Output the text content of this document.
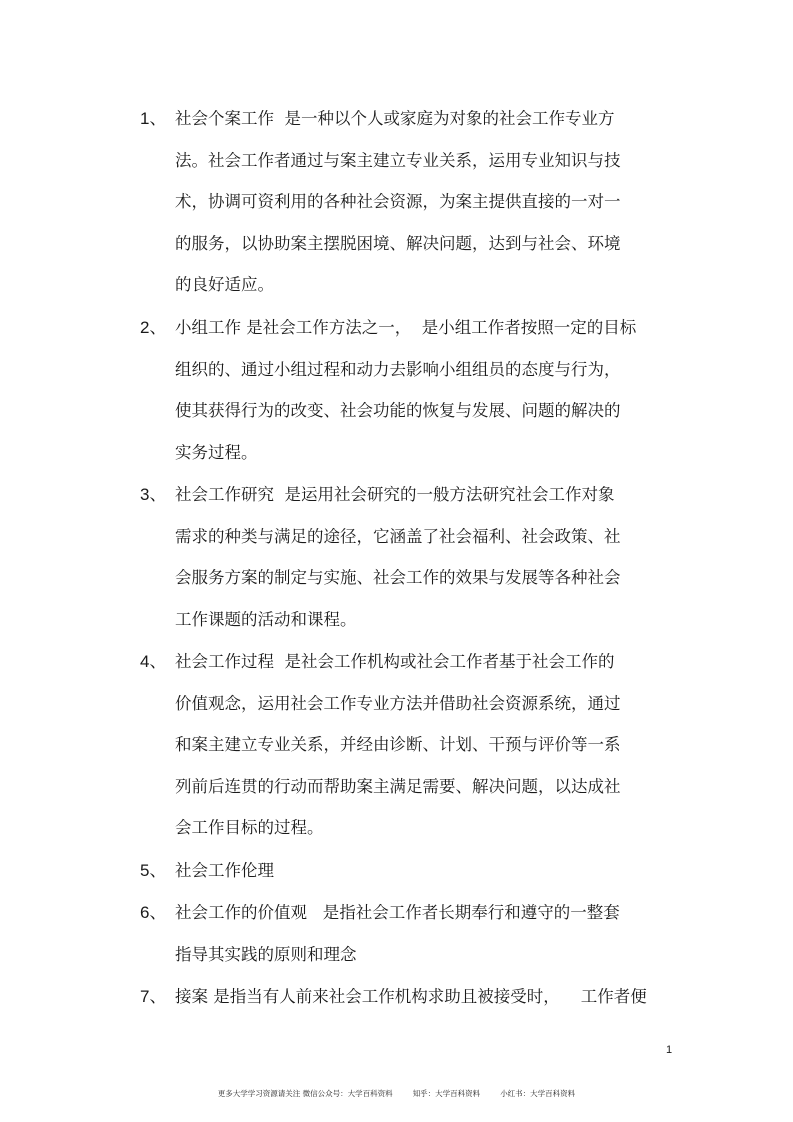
1、 社会个案工作  是一种以个人或家庭为对象的社会工作专业方
法。社会工作者通过与案主建立专业关系，运用专业知识与技
术，协调可资利用的各种社会资源，为案主提供直接的一对一
的服务，以协助案主摆脱困境、解决问题，达到与社会、环境
的良好适应。
2、 小组工作 是社会工作方法之一，  是小组工作者按照一定的目标
组织的、通过小组过程和动力去影响小组组员的态度与行为，
使其获得行为的改变、社会功能的恢复与发展、问题的解决的
实务过程。
3、 社会工作研究  是运用社会研究的一般方法研究社会工作对象
需求的种类与满足的途径，它涵盖了社会福利、社会政策、社
会服务方案的制定与实施、社会工作的效果与发展等各种社会
工作课题的活动和课程。
4、 社会工作过程  是社会工作机构或社会工作者基于社会工作的
价值观念，运用社会工作专业方法并借助社会资源系统，通过
和案主建立专业关系，并经由诊断、计划、干预与评价等一系
列前后连贯的行动而帮助案主满足需要、解决问题，以达成社
会工作目标的过程。
5、 社会工作伦理
6、 社会工作的价值观   是指社会工作者长期奉行和遵守的一整套
指导其实践的原则和理念
7、 接案 是指当有人前来社会工作机构求助且被接受时，    工作者便
1
更多大学学习资源请关注 微信公众号：大学百科资料	知乎：大学百科资料	小红书：大学百科资料
